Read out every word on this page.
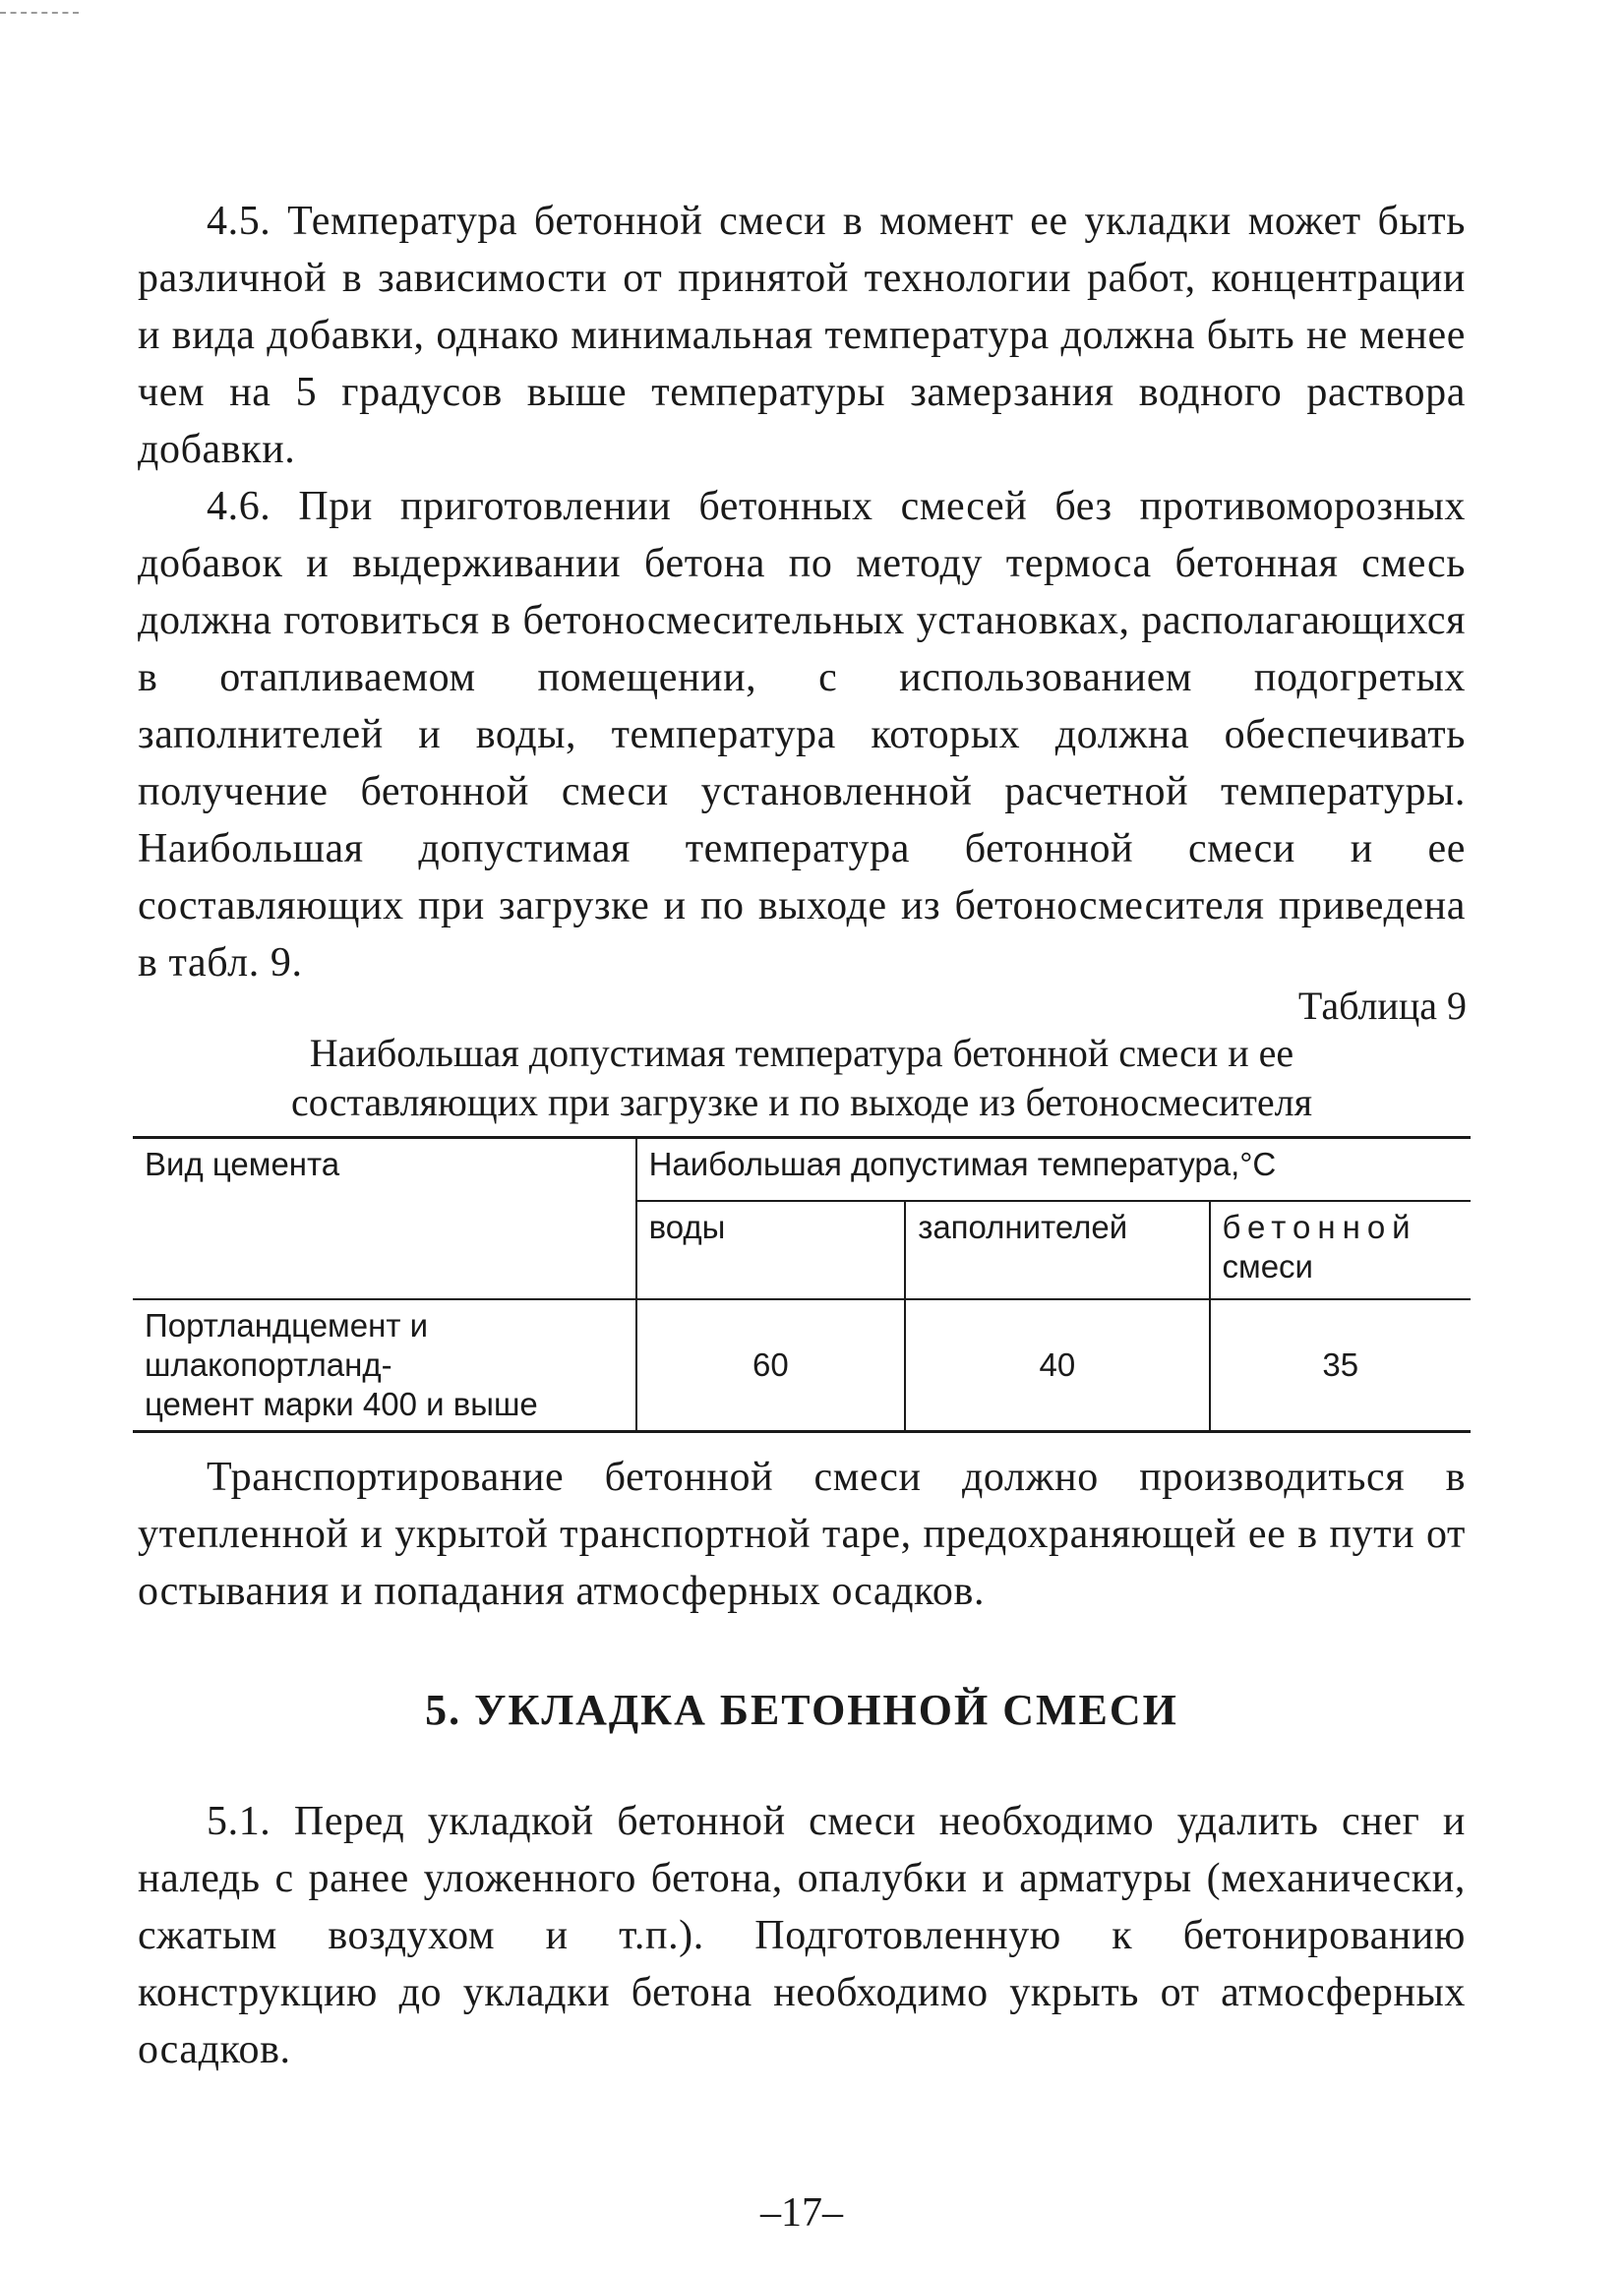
4.5. Температура бетонной смеси в момент ее укладки может быть различной в зависимости от принятой технологии работ, концентрации и вида добавки, однако минимальная температура должна быть не менее чем на 5 градусов выше температуры замерзания водного раствора добавки.

4.6. При приготовлении бетонных смесей без противоморозных добавок и выдерживании бетона по методу термоса бетонная смесь должна готовиться в бетоносмесительных установках, располагающихся в отапливаемом помещении, с использованием подогретых заполнителей и воды, температура которых должна обеспечивать получение бетонной смеси установленной расчетной температуры. Наибольшая допустимая температура бетонной смеси и ее составляющих при загрузке и по выходе из бетоносмесителя приведена в табл. 9.

Таблица 9
Наибольшая допустимая температура бетонной смеси и ее
составляющих при загрузке и по выходе из бетоносмесителя
Вид цемента	Наибольшая допустимая температура,°С		
	воды	заполнителей	бетонной
смеси

Портландцемент и шлакопортланд-
цемент марки 400 и выше	60	40	35

Транспортирование бетонной смеси должно производиться в утепленной и укрытой транспортной таре, предохраняющей ее в пути от остывания и попадания атмосферных осадков.

5. УКЛАДКА БЕТОННОЙ СМЕСИ

5.1. Перед укладкой бетонной смеси необходимо удалить снег и наледь с ранее уложенного бетона, опалубки и арматуры (механически, сжатым воздухом и т.п.). Подготовленную к бетонированию конструкцию до укладки бетона необходимо укрыть от атмосферных осадков.

–17–
